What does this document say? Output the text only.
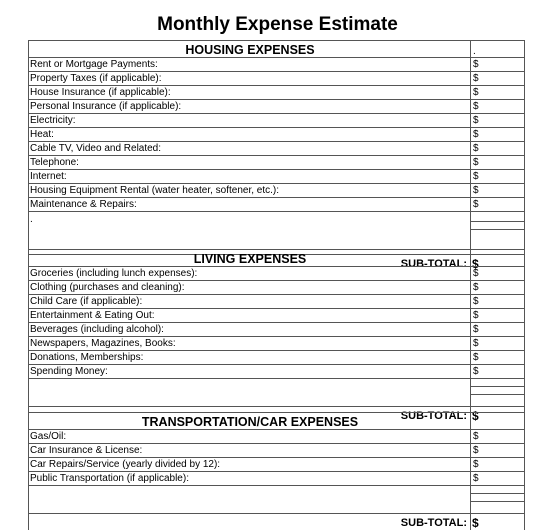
Monthly Expense Estimate
HOUSING EXPENSES	.
Rent or Mortgage Payments:	$
Property Taxes (if applicable):	$
House Insurance (if applicable):	$
Personal Insurance (if applicable):	$
Electricity:	$
Heat:	$
Cable TV, Video and Related:	$
Telephone:	$
Internet:	$
Housing Equipment Rental (water heater, softener, etc.):	$
Maintenance & Repairs:	$
.
SUB-TOTAL: $
LIVING EXPENSES
Groceries (including lunch expenses):	$
Clothing (purchases and cleaning):	$
Child Care (if applicable):	$
Entertainment & Eating Out:	$
Beverages (including alcohol):	$
Newspapers, Magazines, Books:	$
Donations, Memberships:	$
Spending Money:	$
SUB-TOTAL: $
TRANSPORTATION/CAR EXPENSES
Gas/Oil:	$
Car Insurance & License:	$
Car Repairs/Service (yearly divided by 12):	$
Public Transportation (if applicable):	$
SUB-TOTAL: $
